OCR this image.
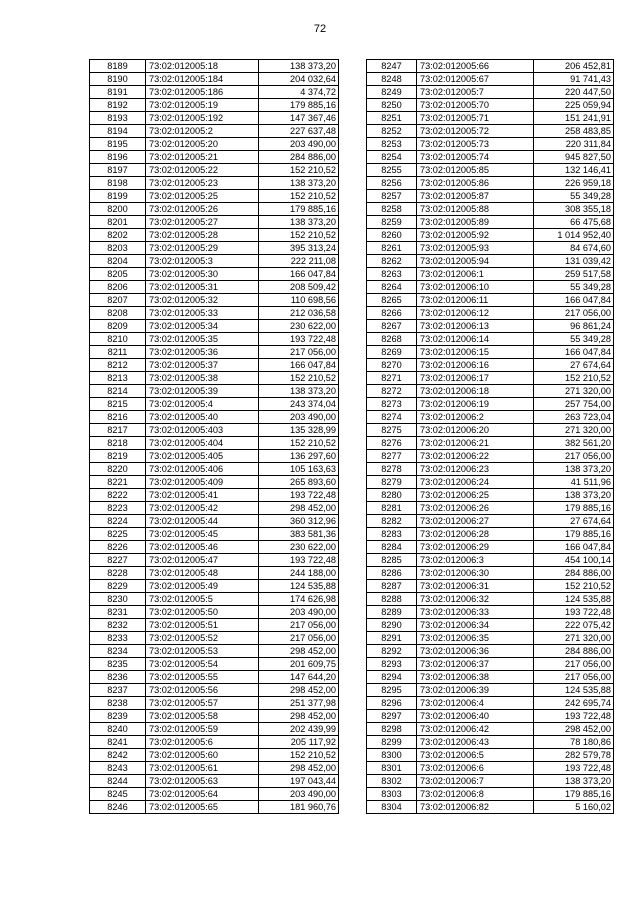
72
8189	73:02:012005:18	138 373,20
8190	73:02:012005:184	204 032,64
8191	73:02:012005:186	4 374,72
8192	73:02:012005:19	179 885,16
8193	73:02:012005:192	147 367,46
8194	73:02:012005:2	227 637,48
8195	73:02:012005:20	203 490,00
8196	73:02:012005:21	284 886,00
8197	73:02:012005:22	152 210,52
8198	73:02:012005:23	138 373,20
8199	73:02:012005:25	152 210,52
8200	73:02:012005:26	179 885,16
8201	73:02:012005:27	138 373,20
8202	73:02:012005:28	152 210,52
8203	73:02:012005:29	395 313,24
8204	73:02:012005:3	222 211,08
8205	73:02:012005:30	166 047,84
8206	73:02:012005:31	208 509,42
8207	73:02:012005:32	110 698,56
8208	73:02:012005:33	212 036,58
8209	73:02:012005:34	230 622,00
8210	73:02:012005:35	193 722,48
8211	73:02:012005:36	217 056,00
8212	73:02:012005:37	166 047,84
8213	73:02:012005:38	152 210,52
8214	73:02:012005:39	138 373,20
8215	73:02:012005:4	243 374,04
8216	73:02:012005:40	203 490,00
8217	73:02:012005:403	135 328,99
8218	73:02:012005:404	152 210,52
8219	73:02:012005:405	136 297,60
8220	73:02:012005:406	105 163,63
8221	73:02:012005:409	265 893,60
8222	73:02:012005:41	193 722,48
8223	73:02:012005:42	298 452,00
8224	73:02:012005:44	360 312,96
8225	73:02:012005:45	383 581,36
8226	73:02:012005:46	230 622,00
8227	73:02:012005:47	193 722,48
8228	73:02:012005:48	244 188,00
8229	73:02:012005:49	124 535,88
8230	73:02:012005:5	174 626,98
8231	73:02:012005:50	203 490,00
8232	73:02:012005:51	217 056,00
8233	73:02:012005:52	217 056,00
8234	73:02:012005:53	298 452,00
8235	73:02:012005:54	201 609,75
8236	73:02:012005:55	147 644,20
8237	73:02:012005:56	298 452,00
8238	73:02:012005:57	251 377,98
8239	73:02:012005:58	298 452,00
8240	73:02:012005:59	202 439,99
8241	73:02:012005:6	205 117,92
8242	73:02:012005:60	152 210,52
8243	73:02:012005:61	298 452,00
8244	73:02:012005:63	197 043,44
8245	73:02:012005:64	203 490,00
8246	73:02:012005:65	181 960,76
8247	73:02:012005:66	206 452,81
8248	73:02:012005:67	91 741,43
8249	73:02:012005:7	220 447,50
8250	73:02:012005:70	225 059,94
8251	73:02:012005:71	151 241,91
8252	73:02:012005:72	258 483,85
8253	73:02:012005:73	220 311,84
8254	73:02:012005:74	945 827,50
8255	73:02:012005:85	132 146,41
8256	73:02:012005:86	226 959,18
8257	73:02:012005:87	55 349,28
8258	73:02:012005:88	308 355,18
8259	73:02:012005:89	66 475,68
8260	73:02:012005:92	1 014 952,40
8261	73:02:012005:93	84 674,60
8262	73:02:012005:94	131 039,42
8263	73:02:012006:1	259 517,58
8264	73:02:012006:10	55 349,28
8265	73:02:012006:11	166 047,84
8266	73:02:012006:12	217 056,00
8267	73:02:012006:13	96 861,24
8268	73:02:012006:14	55 349,28
8269	73:02:012006:15	166 047,84
8270	73:02:012006:16	27 674,64
8271	73:02:012006:17	152 210,52
8272	73:02:012006:18	271 320,00
8273	73:02:012006:19	257 754,00
8274	73:02:012006:2	263 723,04
8275	73:02:012006:20	271 320,00
8276	73:02:012006:21	382 561,20
8277	73:02:012006:22	217 056,00
8278	73:02:012006:23	138 373,20
8279	73:02:012006:24	41 511,96
8280	73:02:012006:25	138 373,20
8281	73:02:012006:26	179 885,16
8282	73:02:012006:27	27 674,64
8283	73:02:012006:28	179 885,16
8284	73:02:012006:29	166 047,84
8285	73:02:012006:3	454 100,14
8286	73:02:012006:30	284 886,00
8287	73:02:012006:31	152 210,52
8288	73:02:012006:32	124 535,88
8289	73:02:012006:33	193 722,48
8290	73:02:012006:34	222 075,42
8291	73:02:012006:35	271 320,00
8292	73:02:012006:36	284 886,00
8293	73:02:012006:37	217 056,00
8294	73:02:012006:38	217 056,00
8295	73:02:012006:39	124 535,88
8296	73:02:012006:4	242 695,74
8297	73:02:012006:40	193 722,48
8298	73:02:012006:42	298 452,00
8299	73:02:012006:43	78 180,86
8300	73:02:012006:5	282 579,78
8301	73:02:012006:6	193 722,48
8302	73:02:012006:7	138 373,20
8303	73:02:012006:8	179 885,16
8304	73:02:012006:82	5 160,02
